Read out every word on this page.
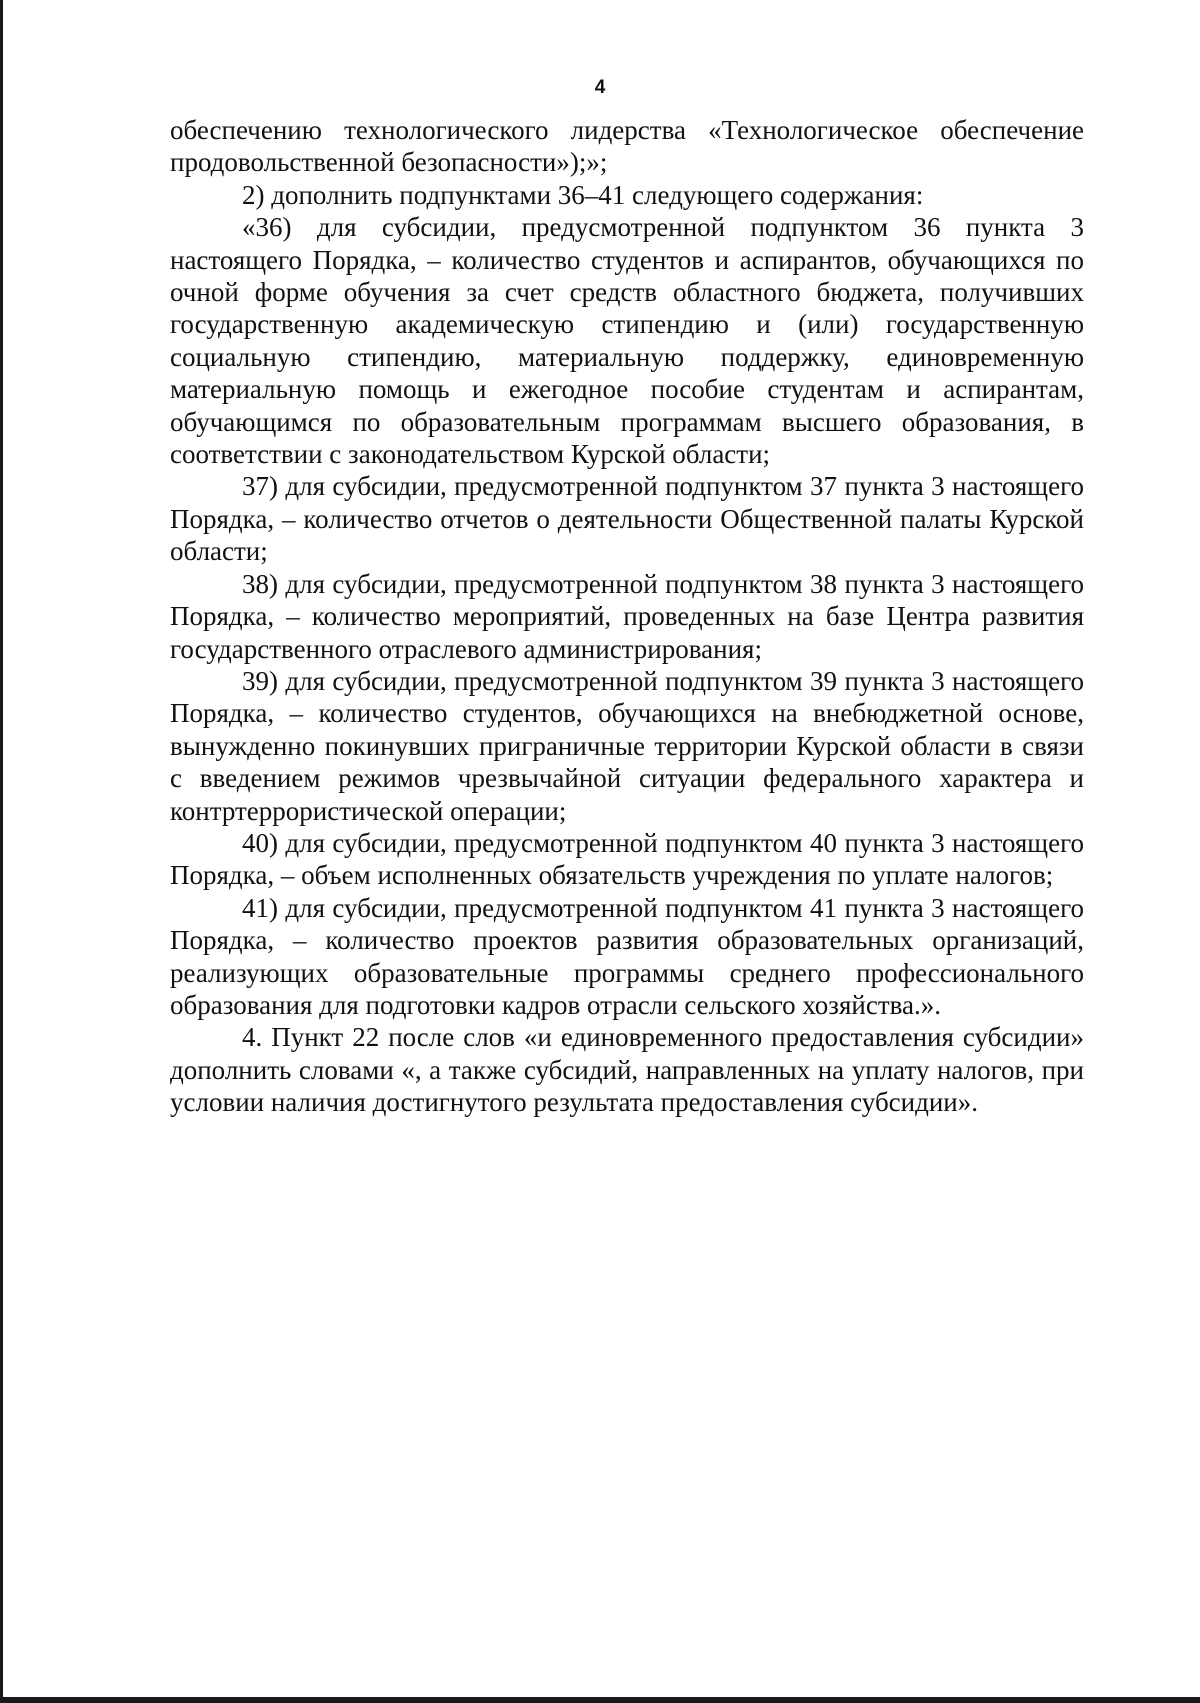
4

обеспечению технологического лидерства «Технологическое обеспечение продовольственной безопасности»);»;

2) дополнить подпунктами 36–41 следующего содержания:

«36) для субсидии, предусмотренной подпунктом 36 пункта 3 настоящего Порядка, – количество студентов и аспирантов, обучающихся по очной форме обучения за счет средств областного бюджета, получивших государственную академическую стипендию и (или) государственную социальную стипендию, материальную поддержку, единовременную материальную помощь и ежегодное пособие студентам и аспирантам, обучающимся по образовательным программам высшего образования, в соответствии с законодательством Курской области;

37) для субсидии, предусмотренной подпунктом 37 пункта 3 настоящего Порядка, – количество отчетов о деятельности Общественной палаты Курской области;

38) для субсидии, предусмотренной подпунктом 38 пункта 3 настоящего Порядка, – количество мероприятий, проведенных на базе Центра развития государственного отраслевого администрирования;

39) для субсидии, предусмотренной подпунктом 39 пункта 3 настоящего Порядка, – количество студентов, обучающихся на внебюджетной основе, вынужденно покинувших приграничные территории Курской области в связи с введением режимов чрезвычайной ситуации федерального характера и контртеррористической операции;

40) для субсидии, предусмотренной подпунктом 40 пункта 3 настоящего Порядка, – объем исполненных обязательств учреждения по уплате налогов;

41) для субсидии, предусмотренной подпунктом 41 пункта 3 настоящего Порядка, – количество проектов развития образовательных организаций, реализующих образовательные программы среднего профессионального образования для подготовки кадров отрасли сельского хозяйства.».

4. Пункт 22 после слов «и единовременного предоставления субсидии» дополнить словами «, а также субсидий, направленных на уплату налогов, при условии наличия достигнутого результата предоставления субсидии».
